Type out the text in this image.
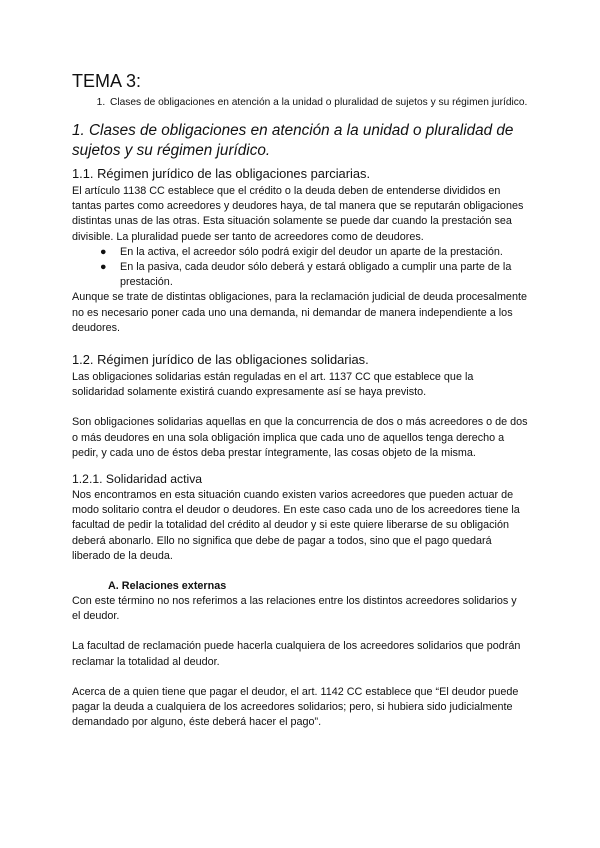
TEMA 3:
1. Clases de obligaciones en atención a la unidad o pluralidad de sujetos y su régimen jurídico.
1. Clases de obligaciones en atención a la unidad o pluralidad de sujetos y su régimen jurídico.
1.1. Régimen jurídico de las obligaciones parciarias.

El artículo 1138 CC establece que el crédito o la deuda deben de entenderse divididos en tantas partes como acreedores y deudores haya, de tal manera que se reputarán obligaciones distintas unas de las otras. Esta situación solamente se puede dar cuando la prestación sea divisible. La pluralidad puede ser tanto de acreedores como de deudores.

● En la activa, el acreedor sólo podrá exigir del deudor un aparte de la prestación.
● En la pasiva, cada deudor sólo deberá y estará obligado a cumplir una parte de la prestación.

Aunque se trate de distintas obligaciones, para la reclamación judicial de deuda procesalmente no es necesario poner cada uno una demanda, ni demandar de manera independiente a los deudores.

1.2. Régimen jurídico de las obligaciones solidarias.

Las obligaciones solidarias están reguladas en el art. 1137 CC que establece que la solidaridad solamente existirá cuando expresamente así se haya previsto.

Son obligaciones solidarias aquellas en que la concurrencia de dos o más acreedores o de dos o más deudores en una sola obligación implica que cada uno de aquellos tenga derecho a pedir, y cada uno de éstos deba prestar íntegramente, las cosas objeto de la misma.

1.2.1. Solidaridad activa

Nos encontramos en esta situación cuando existen varios acreedores que pueden actuar de modo solitario contra el deudor o deudores. En este caso cada uno de los acreedores tiene la facultad de pedir la totalidad del crédito al deudor y si este quiere liberarse de su obligación deberá abonarlo. Ello no significa que debe de pagar a todos, sino que el pago quedará liberado de la deuda.

A. Relaciones externas

Con este término no nos referimos a las relaciones entre los distintos acreedores solidarios y el deudor.

La facultad de reclamación puede hacerla cualquiera de los acreedores solidarios que podrán reclamar la totalidad al deudor.

Acerca de a quien tiene que pagar el deudor, el art. 1142 CC establece que “El deudor puede pagar la deuda a cualquiera de los acreedores solidarios; pero, si hubiera sido judicialmente demandado por alguno, éste deberá hacer el pago”.
